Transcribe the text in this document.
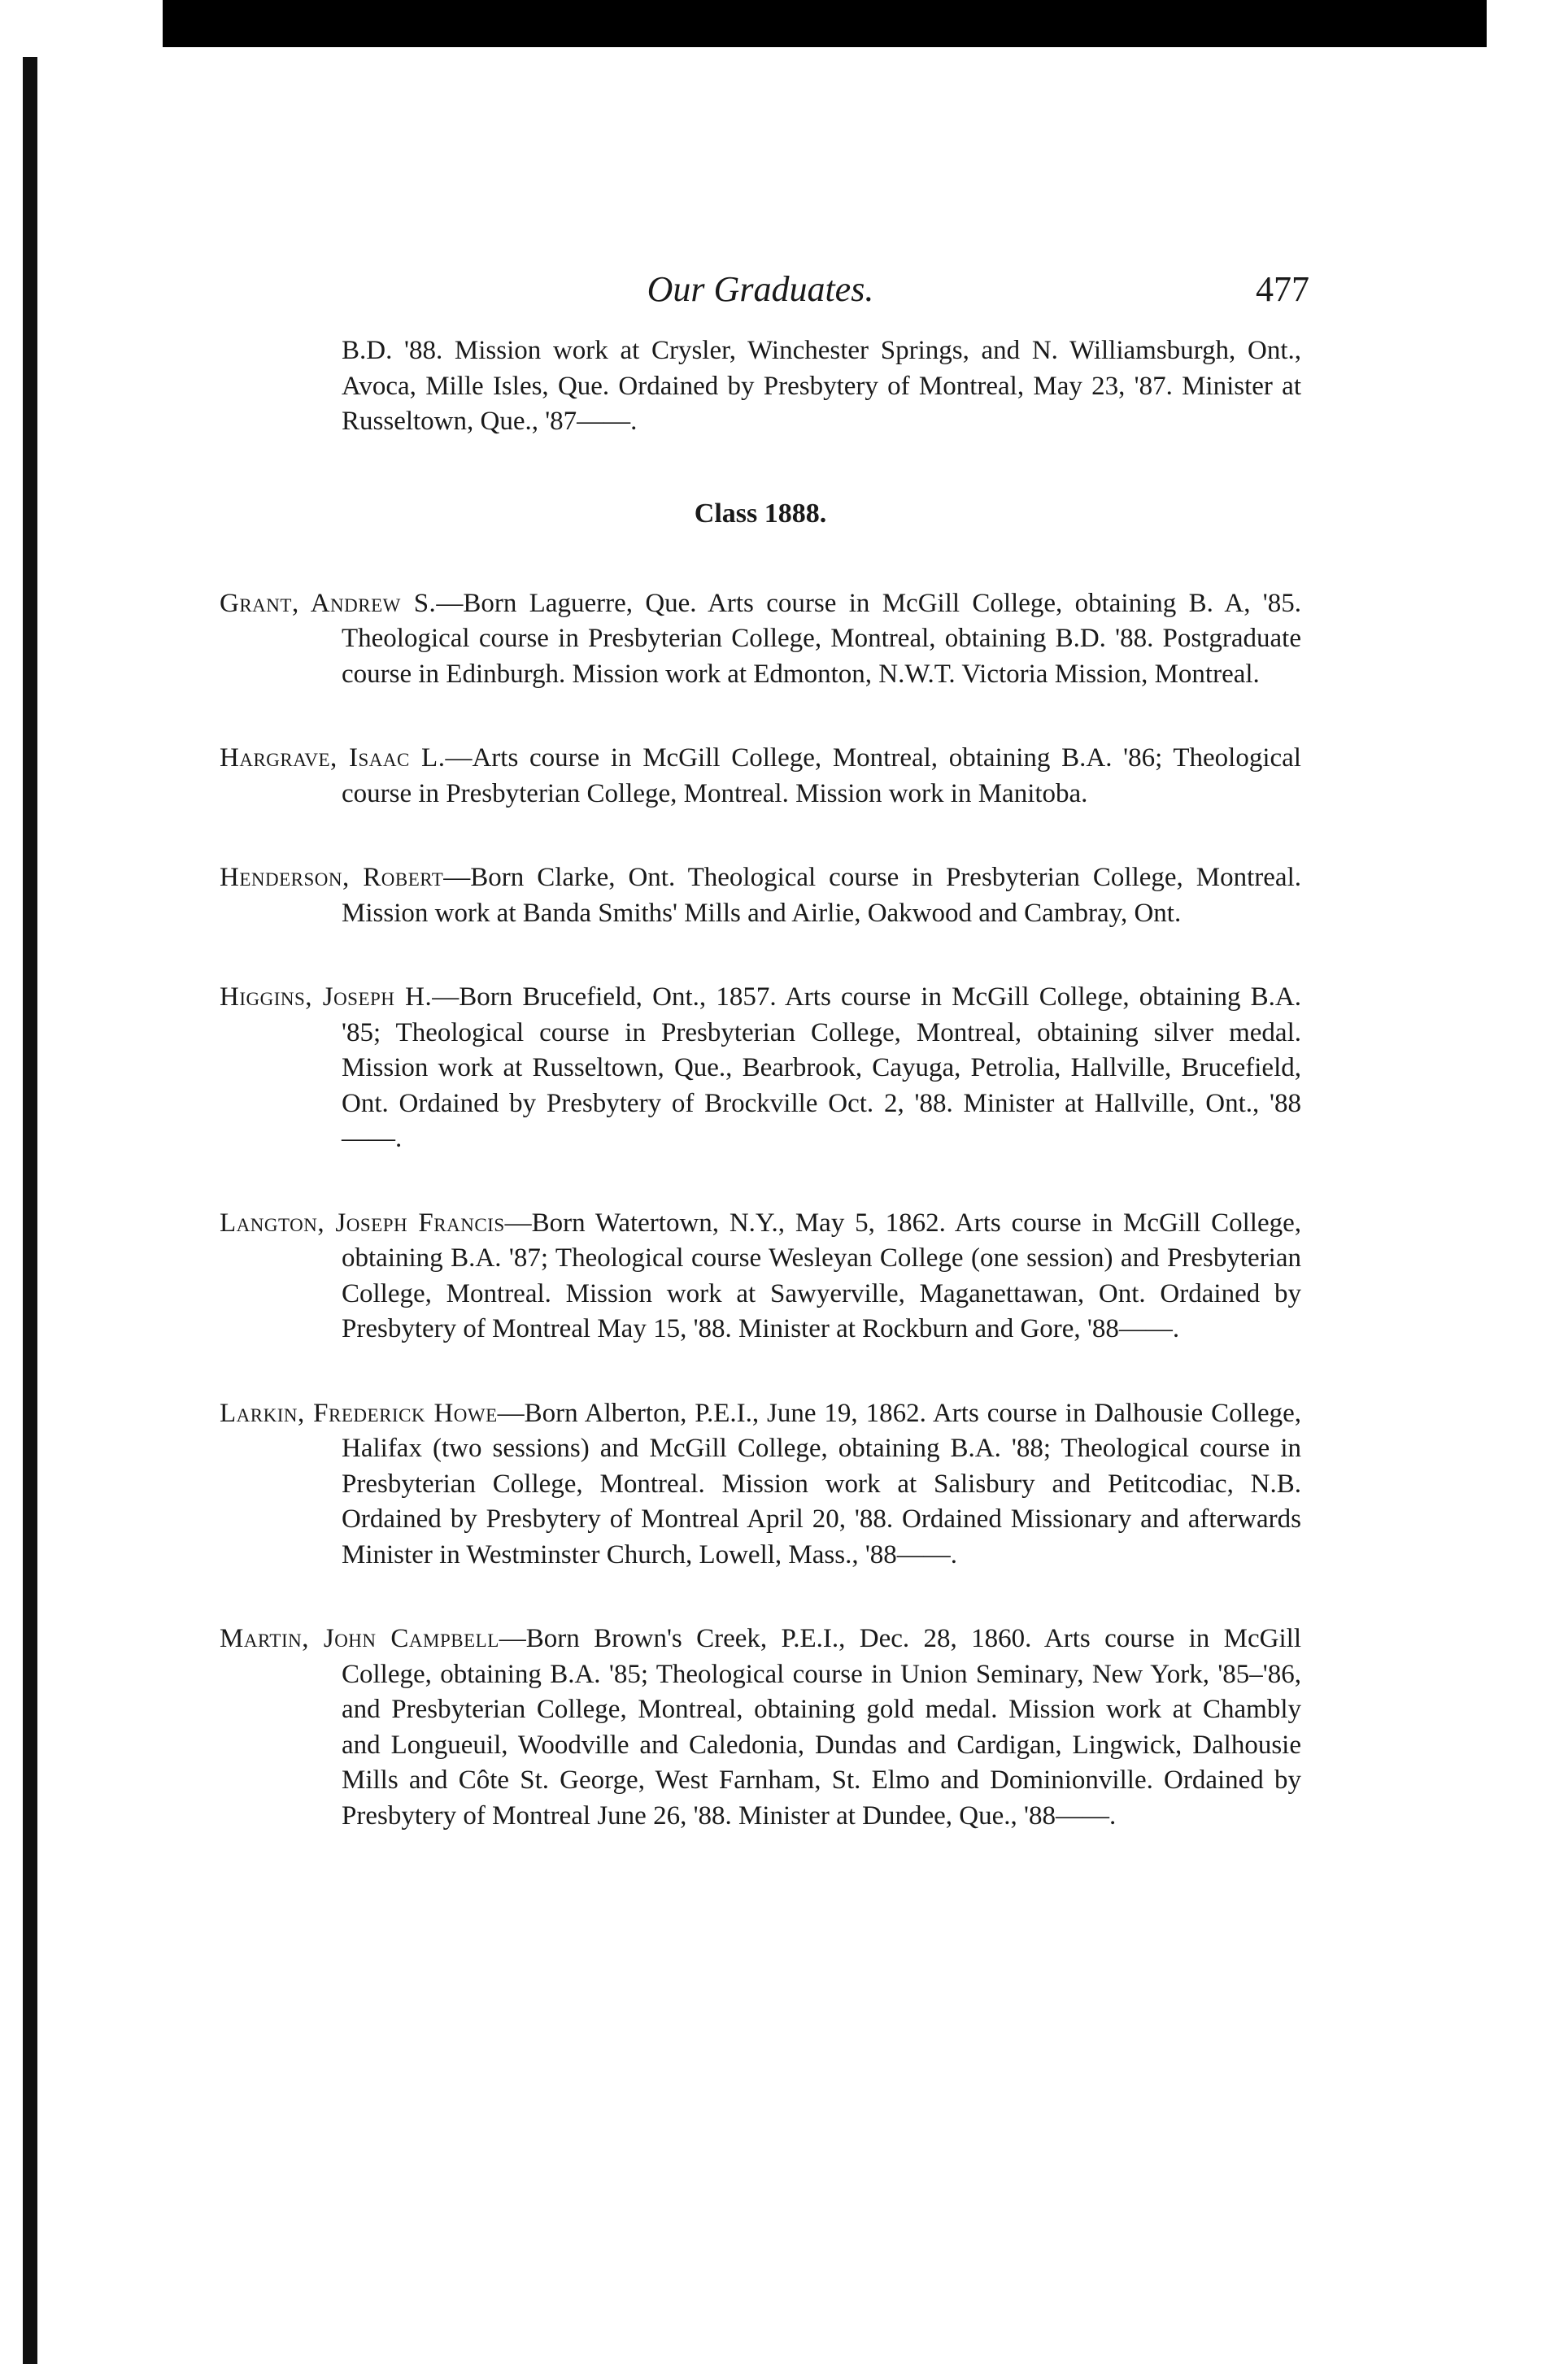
Our Graduates.	477

B.D. '88. Mission work at Crysler, Winchester Springs, and N. Williamsburgh, Ont., Avoca, Mille Isles, Que. Ordained by Presbytery of Montreal, May 23, '87. Minister at Russeltown, Que., '87——.

Class 1888.

Grant, Andrew S.—Born Laguerre, Que. Arts course in McGill College, obtaining B. A, '85. Theological course in Presbyterian College, Montreal, obtaining B.D. '88. Postgraduate course in Edinburgh. Mission work at Edmonton, N.W.T. Victoria Mission, Montreal.

Hargrave, Isaac L.—Arts course in McGill College, Montreal, obtaining B.A. '86; Theological course in Presbyterian College, Montreal. Mission work in Manitoba.

Henderson, Robert—Born Clarke, Ont. Theological course in Presbyterian College, Montreal. Mission work at Banda Smiths' Mills and Airlie, Oakwood and Cambray, Ont.

Higgins, Joseph H.—Born Brucefield, Ont., 1857. Arts course in McGill College, obtaining B.A. '85; Theological course in Presbyterian College, Montreal, obtaining silver medal. Mission work at Russeltown, Que., Bearbrook, Cayuga, Petrolia, Hallville, Brucefield, Ont. Ordained by Presbytery of Brockville Oct. 2, '88. Minister at Hallville, Ont., '88——.

Langton, Joseph Francis—Born Watertown, N.Y., May 5, 1862. Arts course in McGill College, obtaining B.A. '87; Theological course Wesleyan College (one session) and Presbyterian College, Montreal. Mission work at Sawyerville, Maganettawan, Ont. Ordained by Presbytery of Montreal May 15, '88. Minister at Rockburn and Gore, '88——.

Larkin, Frederick Howe—Born Alberton, P.E.I., June 19, 1862. Arts course in Dalhousie College, Halifax (two sessions) and McGill College, obtaining B.A. '88; Theological course in Presbyterian College, Montreal. Mission work at Salisbury and Petitcodiac, N.B. Ordained by Presbytery of Montreal April 20, '88. Ordained Missionary and afterwards Minister in Westminster Church, Lowell, Mass., '88——.

Martin, John Campbell—Born Brown's Creek, P.E.I., Dec. 28, 1860. Arts course in McGill College, obtaining B.A. '85; Theological course in Union Seminary, New York, '85–'86, and Presbyterian College, Montreal, obtaining gold medal. Mission work at Chambly and Longueuil, Woodville and Caledonia, Dundas and Cardigan, Lingwick, Dalhousie Mills and Côte St. George, West Farnham, St. Elmo and Dominionville. Ordained by Presbytery of Montreal June 26, '88. Minister at Dundee, Que., '88——.
